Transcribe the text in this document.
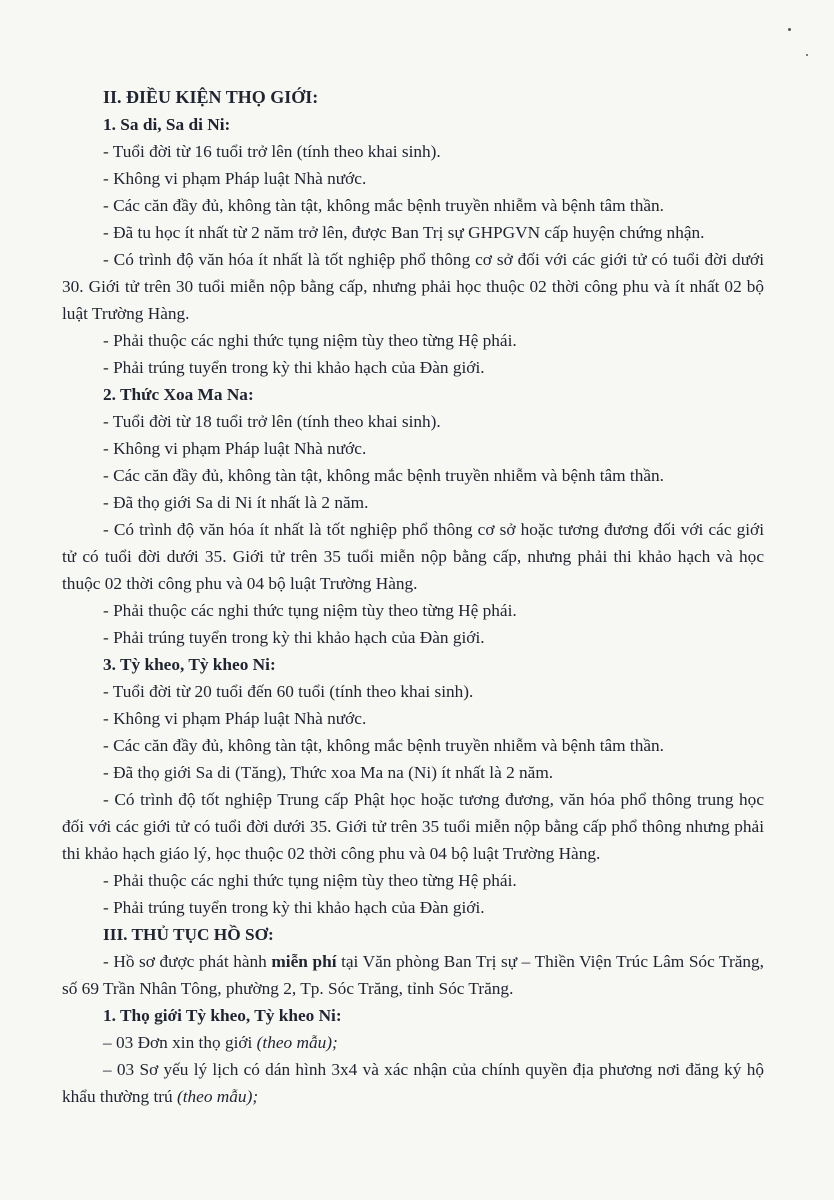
II. ĐIỀU KIỆN THỌ GIỚI:
1. Sa di, Sa di Ni:
- Tuổi đời từ 16 tuổi trở lên (tính theo khai sinh).
- Không vi phạm Pháp luật Nhà nước.
- Các căn đầy đủ, không tàn tật, không mắc bệnh truyền nhiễm và bệnh tâm thần.
- Đã tu học ít nhất từ 2 năm trở lên, được Ban Trị sự GHPGVN cấp huyện chứng nhận.
- Có trình độ văn hóa ít nhất là tốt nghiệp phổ thông cơ sở đối với các giới tử có tuổi đời dưới 30. Giới tử trên 30 tuổi miễn nộp bằng cấp, nhưng phải học thuộc 02 thời công phu và ít nhất 02 bộ luật Trường Hàng.
- Phải thuộc các nghi thức tụng niệm tùy theo từng Hệ phái.
- Phải trúng tuyển trong kỳ thi khảo hạch của Đàn giới.
2. Thức Xoa Ma Na:
- Tuổi đời từ 18 tuổi trở lên (tính theo khai sinh).
- Không vi phạm Pháp luật Nhà nước.
- Các căn đầy đủ, không tàn tật, không mắc bệnh truyền nhiễm và bệnh tâm thần.
- Đã thọ giới Sa di Ni ít nhất là 2 năm.
- Có trình độ văn hóa ít nhất là tốt nghiệp phổ thông cơ sở hoặc tương đương đối với các giới tử có tuổi đời dưới 35. Giới tử trên 35 tuổi miễn nộp bằng cấp, nhưng phải thi khảo hạch và học thuộc 02 thời công phu và 04 bộ luật Trường Hàng.
- Phải thuộc các nghi thức tụng niệm tùy theo từng Hệ phái.
- Phải trúng tuyển trong kỳ thi khảo hạch của Đàn giới.
3. Tỳ kheo, Tỳ kheo Ni:
- Tuổi đời từ 20 tuổi đến 60 tuổi (tính theo khai sinh).
- Không vi phạm Pháp luật Nhà nước.
- Các căn đầy đủ, không tàn tật, không mắc bệnh truyền nhiễm và bệnh tâm thần.
- Đã thọ giới Sa di (Tăng), Thức xoa Ma na (Ni) ít nhất là 2 năm.
- Có trình độ tốt nghiệp Trung cấp Phật học hoặc tương đương, văn hóa phổ thông trung học đối với các giới tử có tuổi đời dưới 35. Giới tử trên 35 tuổi miễn nộp bằng cấp phổ thông nhưng phải thi khảo hạch giáo lý, học thuộc 02 thời công phu và 04 bộ luật Trường Hàng.
- Phải thuộc các nghi thức tụng niệm tùy theo từng Hệ phái.
- Phải trúng tuyển trong kỳ thi khảo hạch của Đàn giới.
III. THỦ TỤC HỒ SƠ:
- Hồ sơ được phát hành miễn phí tại Văn phòng Ban Trị sự – Thiền Viện Trúc Lâm Sóc Trăng, số 69 Trần Nhân Tông, phường 2, Tp. Sóc Trăng, tỉnh Sóc Trăng.
1. Thọ giới Tỳ kheo, Tỳ kheo Ni:
– 03 Đơn xin thọ giới (theo mẫu);
– 03 Sơ yếu lý lịch có dán hình 3x4 và xác nhận của chính quyền địa phương nơi đăng ký hộ khẩu thường trú (theo mẫu);
